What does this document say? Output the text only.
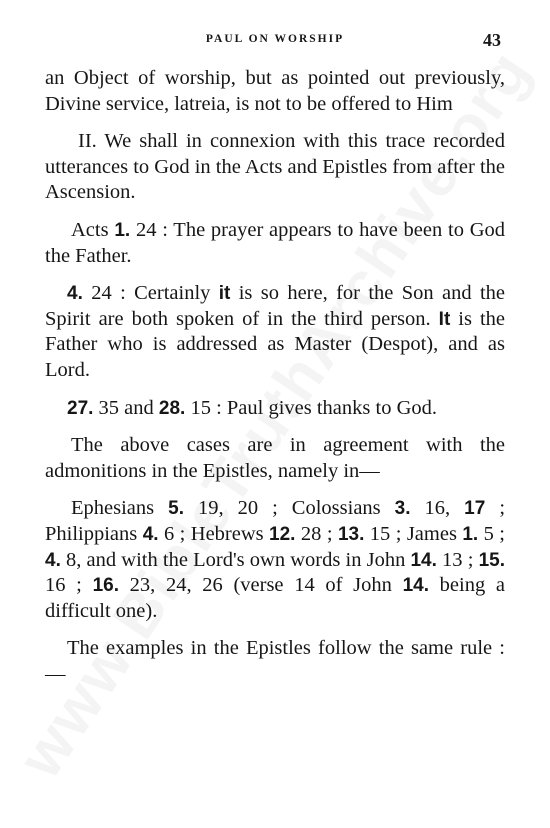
PAUL ON WORSHIP	43

an Object of worship, but as pointed out previously, Divine service, latreia, is not to be offered to Him

II. We shall in connexion with this trace recorded utterances to God in the Acts and Epistles from after the Ascension.

Acts 1. 24 : The prayer appears to have been to God the Father.

4. 24 : Certainly it is so here, for the Son and the Spirit are both spoken of in the third person. It is the Father who is addressed as Master (Despot), and as Lord.

27. 35 and 28. 15 : Paul gives thanks to God.

The above cases are in agreement with the admonitions in the Epistles, namely in—

Ephesians 5. 19, 20 ; Colossians 3. 16, 17 ; Philippians 4. 6 ; Hebrews 12. 28 ; 13. 15 ; James 1. 5 ; 4. 8, and with the Lord's own words in John 14. 13 ; 15. 16 ; 16. 23, 24, 26 (verse 14 of John 14. being a difficult one).

The examples in the Epistles follow the same rule :—
